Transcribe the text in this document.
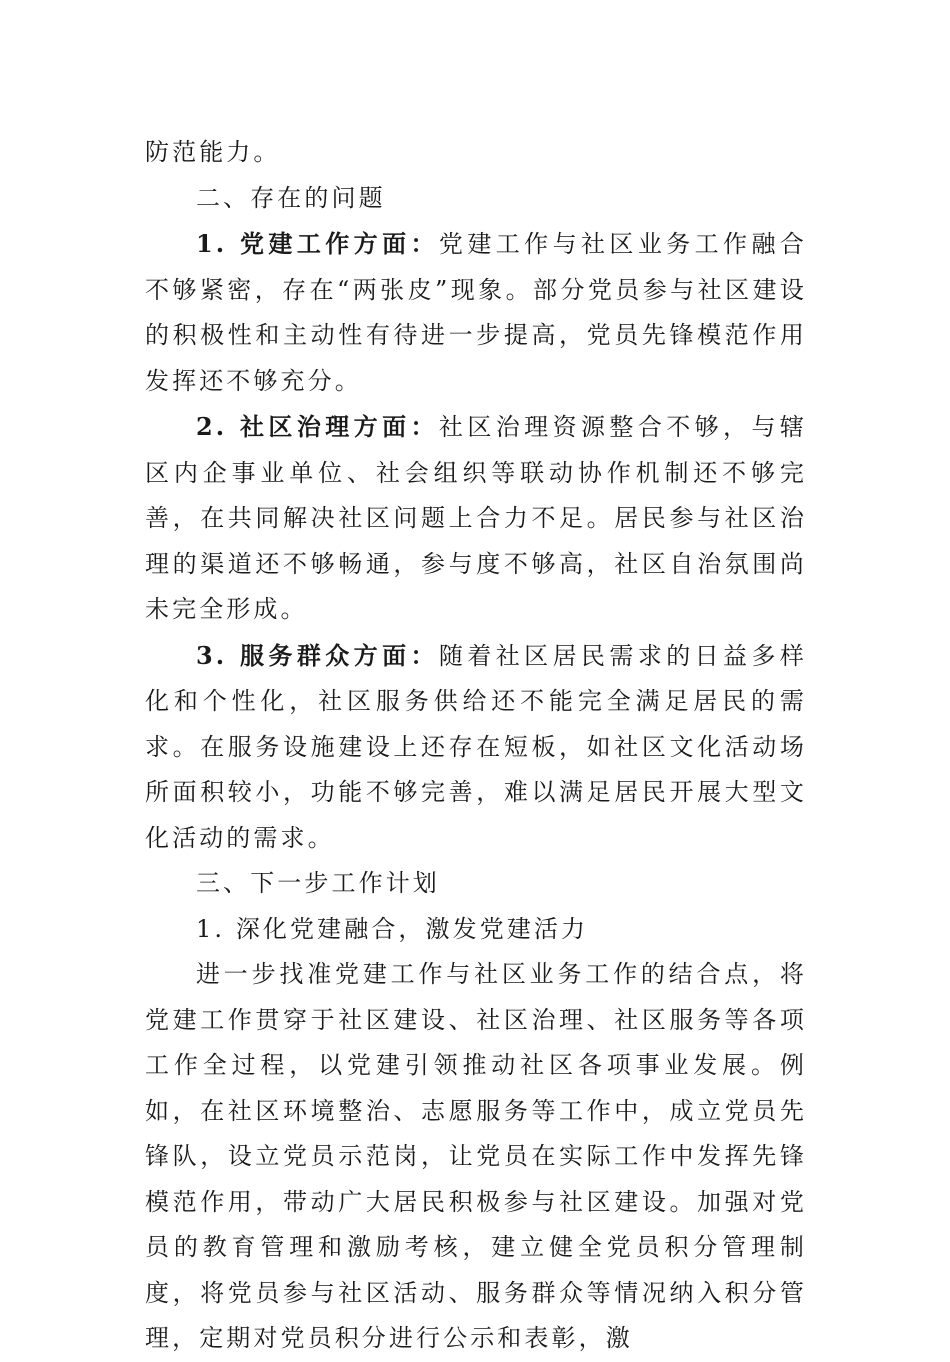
防范能力。

二、存在的问题

1. 党建工作方面：党建工作与社区业务工作融合不够紧密，存在“两张皮”现象。部分党员参与社区建设的积极性和主动性有待进一步提高，党员先锋模范作用发挥还不够充分。

2. 社区治理方面：社区治理资源整合不够，与辖区内企事业单位、社会组织等联动协作机制还不够完善，在共同解决社区问题上合力不足。居民参与社区治理的渠道还不够畅通，参与度不够高，社区自治氛围尚未完全形成。

3. 服务群众方面：随着社区居民需求的日益多样化和个性化，社区服务供给还不能完全满足居民的需求。在服务设施建设上还存在短板，如社区文化活动场所面积较小，功能不够完善，难以满足居民开展大型文化活动的需求。

三、下一步工作计划

1. 深化党建融合，激发党建活力

进一步找准党建工作与社区业务工作的结合点，将党建工作贯穿于社区建设、社区治理、社区服务等各项工作全过程，以党建引领推动社区各项事业发展。例如，在社区环境整治、志愿服务等工作中，成立党员先锋队，设立党员示范岗，让党员在实际工作中发挥先锋模范作用，带动广大居民积极参与社区建设。加强对党员的教育管理和激励考核，建立健全党员积分管理制度，将党员参与社区活动、服务群众等情况纳入积分管理，定期对党员积分进行公示和表彰，激
